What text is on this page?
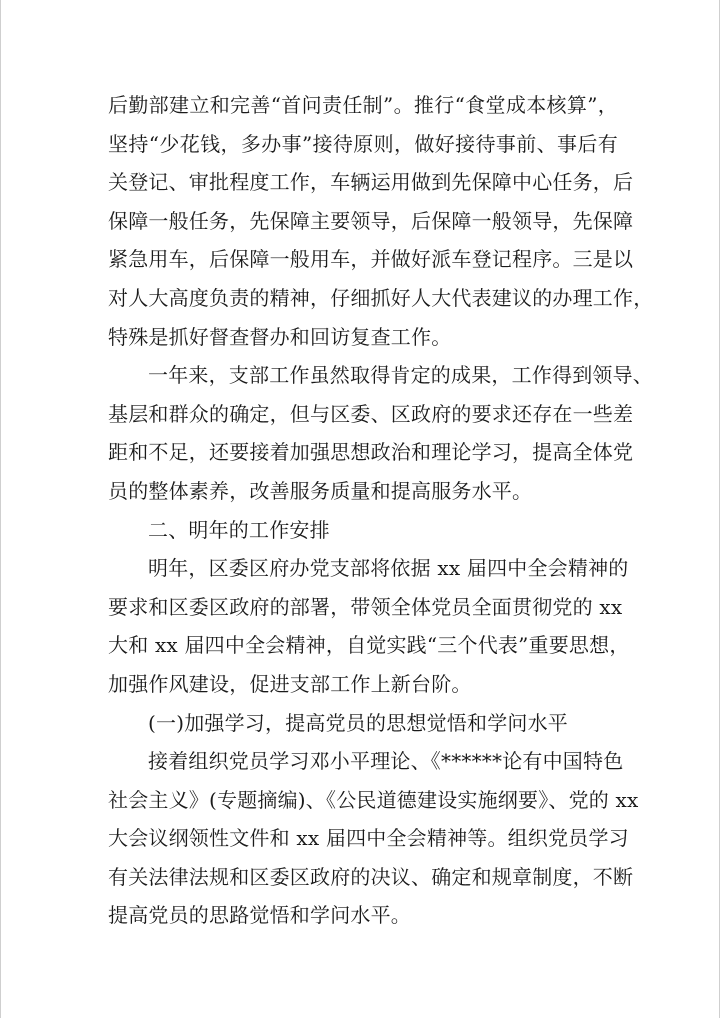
后勤部建立和完善“首问责任制”。推行“食堂成本核算”，
坚持“少花钱，多办事”接待原则，做好接待事前、事后有
关登记、审批程度工作，车辆运用做到先保障中心任务，后
保障一般任务，先保障主要领导，后保障一般领导，先保障
紧急用车，后保障一般用车，并做好派车登记程序。三是以
对人大高度负责的精神，仔细抓好人大代表建议的办理工作，
特殊是抓好督查督办和回访复查工作。
一年来，支部工作虽然取得肯定的成果，工作得到领导、
基层和群众的确定，但与区委、区政府的要求还存在一些差
距和不足，还要接着加强思想政治和理论学习，提高全体党
员的整体素养，改善服务质量和提高服务水平。
二、明年的工作安排
明年，区委区府办党支部将依据 xx 届四中全会精神的
要求和区委区政府的部署，带领全体党员全面贯彻党的 xx
大和 xx 届四中全会精神，自觉实践“三个代表”重要思想，
加强作风建设，促进支部工作上新台阶。
(一)加强学习，提高党员的思想觉悟和学问水平
接着组织党员学习邓小平理论、《******论有中国特色
社会主义》(专题摘编)、《公民道德建设实施纲要》、党的 xx
大会议纲领性文件和 xx 届四中全会精神等。组织党员学习
有关法律法规和区委区政府的决议、确定和规章制度，不断
提高党员的思路觉悟和学问水平。
